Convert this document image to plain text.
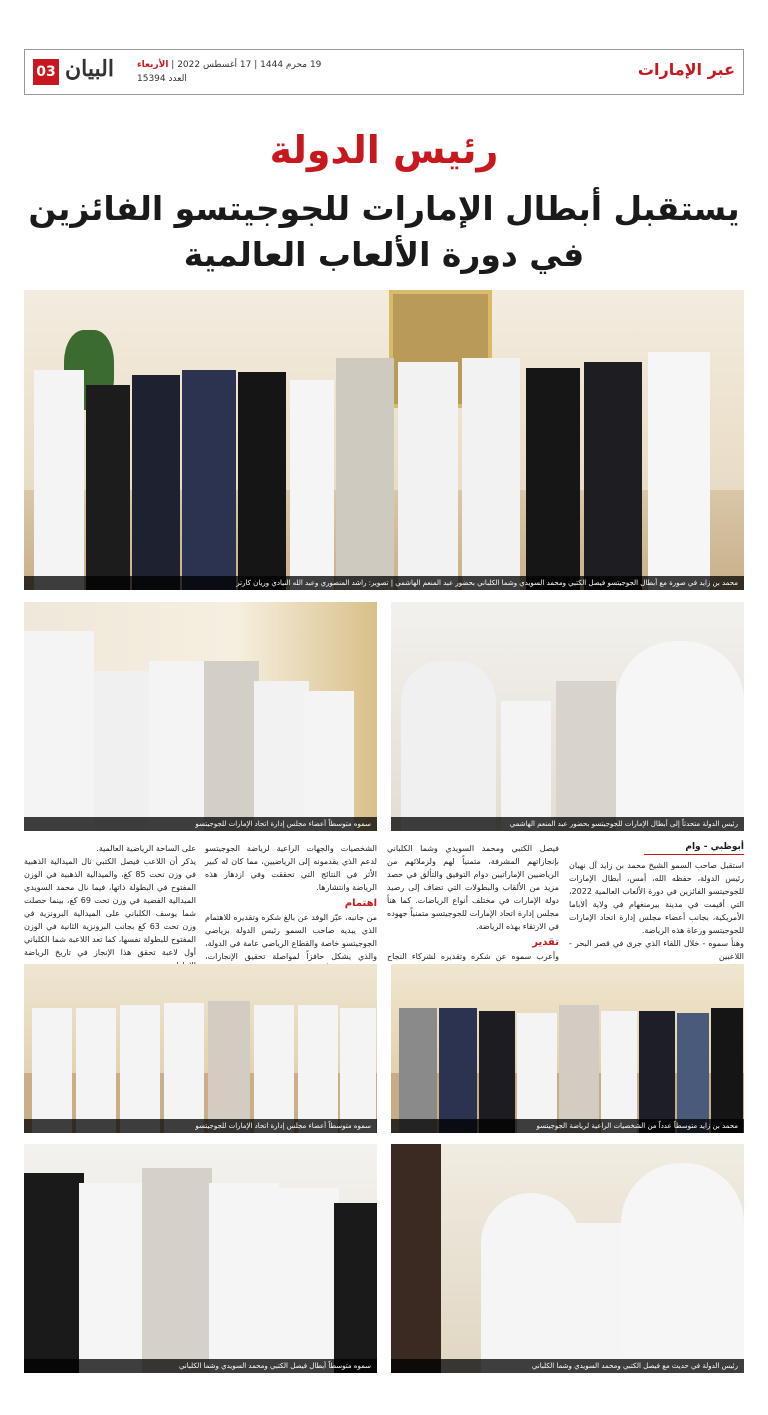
03 البيان	19 محرم 1444 | 17 أغسطس 2022 | الأربعاء
العدد 15394	عبر الإمارات
رئيس الدولة
يستقبل أبطال الإمارات للجوجيتسو الفائزين
في دورة الألعاب العالمية
محمد بن زايد في صورة مع أبطال الجوجيتسو فيصل الكتبي ومحمد السويدي وشما الكلباني بحضور عبد المنعم الهاشمي | تصوير: راشد المنصوري وعبد الله النيادي وريان كارتر
سموه متوسطاً أعضاء مجلس إدارة اتحاد الإمارات للجوجيتسو	رئيس الدولة متحدثاً إلى أبطال الإمارات للجوجيتسو بحضور عبد المنعم الهاشمي
أبوظبي - وام
استقبل صاحب السمو الشيخ محمد بن زايد آل نهيان رئيس الدولة، حفظه الله، أمس، أبطال الإمارات للجوجيتسو الفائزين في دورة الألعاب العالمية 2022، التي أقيمت في مدينة بيرمنغهام في ولاية ألاباما الأمريكية، بجانب أعضاء مجلس إدارة اتحاد الإمارات للجوجيتسو ورعاة هذه الرياضة.
وهنأ سموه - خلال اللقاء الذي جرى في قصر البحر - اللاعبين
فيصل الكتبي ومحمد السويدي وشما الكلباني بإنجازاتهم المشرفة، متمنياً لهم ولزملائهم من الرياضيين الإماراتيين دوام التوفيق والتألق في حصد مزيد من الألقاب والبطولات التي تضاف إلى رصيد دولة الإمارات في مختلف أنواع الرياضات. كما هنأ مجلس إدارة اتحاد الإمارات للجوجيتسو متمنياً جهوده في الارتقاء بهذه الرياضة.
تقدير
وأعرب سموه عن شكره وتقديره لشركاء النجاح
الشخصيات والجهات الراعية لرياضة الجوجيتسو لدعم الذي يقدمونه إلى الرياضيين، مما كان له كبير الأثر في النتائج التي تحققت وفي ازدهار هذه الرياضة وانتشارها.
اهتمام
من جانبه، عبّر الوفد عن بالغ شكره وتقديره للاهتمام الذي يبديه صاحب السمو رئيس الدولة برياضي الجوجيتسو خاصة والقطاع الرياضي عامة في الدولة، والذي يشكل حافزاً لمواصلة تحقيق الإنجازات،
على الساحة الرياضية العالمية.
يذكر أن اللاعب فيصل الكتبي نال الميدالية الذهبية في وزن تحت 85 كغ، والميدالية الذهبية في الوزن المفتوح في البطولة ذاتها، فيما نال محمد السويدي الميدالية الفضية في وزن تحت 69 كغ، بينما حصلت شما يوسف الكلباني على الميدالية البرونزية في وزن تحت 63 كغ بجانب البرونزية الثانية في الوزن المفتوح للبطولة نفسها، كما تعد اللاعبة شما الكلباني أول لاعبة تحقق هذا الإنجاز في تاريخ الرياضة
سموه متوسطاً أعضاء مجلس إدارة اتحاد الإمارات للجوجيتسو	محمد بن زايد متوسطاً عدداً من الشخصيات الراعية لرياضة الجوجيتسو
سموه متوسطاً أبطال فيصل الكتبي ومحمد السويدي وشما الكلباني	رئيس الدولة في حديث مع فيصل الكتبي ومحمد السويدي وشما الكلباني
